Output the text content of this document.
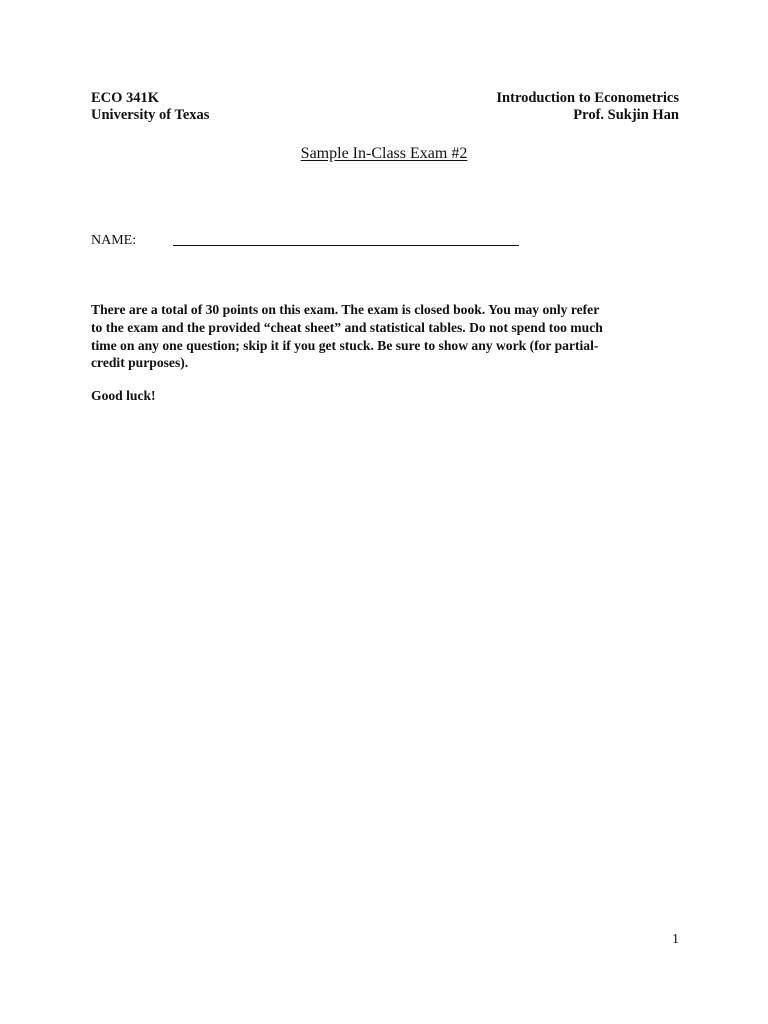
ECO 341K
University of Texas
Introduction to Econometrics
Prof. Sukjin Han
Sample In-Class Exam #2
NAME:
There are a total of 30 points on this exam. The exam is closed book. You may only refer
to the exam and the provided “cheat sheet” and statistical tables. Do not spend too much
time on any one question; skip it if you get stuck. Be sure to show any work (for partial-
credit purposes).
Good luck!
1
